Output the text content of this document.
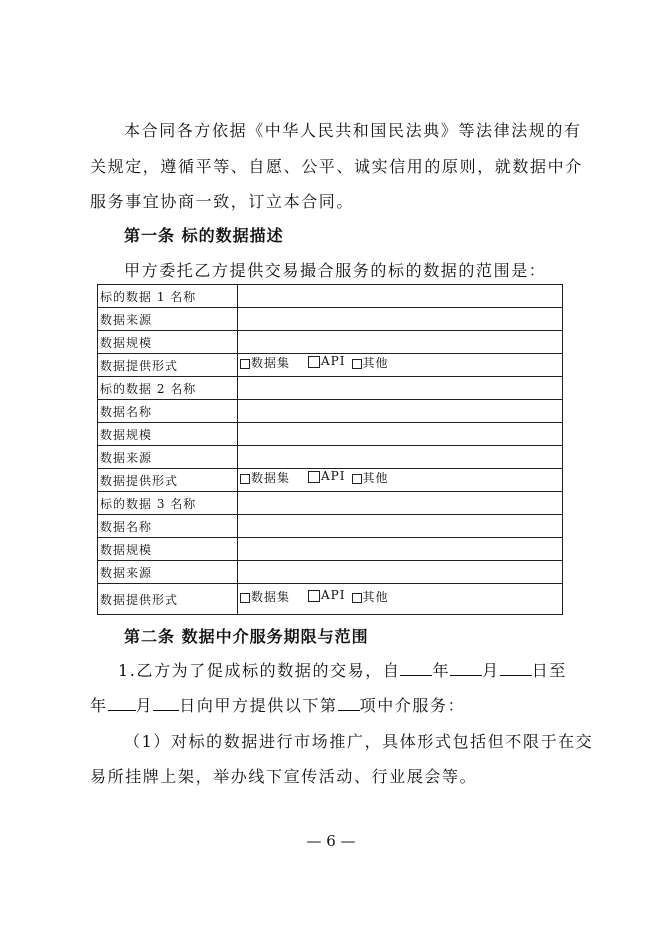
本合同各方依据《中华人民共和国民法典》等法律法规的有
关规定，遵循平等、自愿、公平、诚实信用的原则，就数据中介
服务事宜协商一致，订立本合同。
第一条 标的数据描述
甲方委托乙方提供交易撮合服务的标的数据的范围是：
标的数据 1 名称	
数据来源	
数据规模	
数据提供形式	数据集 API 其他
标的数据 2 名称	
数据名称	
数据规模	
数据来源	
数据提供形式	数据集 API 其他
标的数据 3 名称	
数据名称	
数据规模	
数据来源	
数据提供形式	数据集 API 其他
第二条 数据中介服务期限与范围
1.乙方为了促成标的数据的交易，自 年 月 日至
年 月 日向甲方提供以下第 项中介服务：
（1）对标的数据进行市场推广，具体形式包括但不限于在交
易所挂牌上架，举办线下宣传活动、行业展会等。
— 6 —
